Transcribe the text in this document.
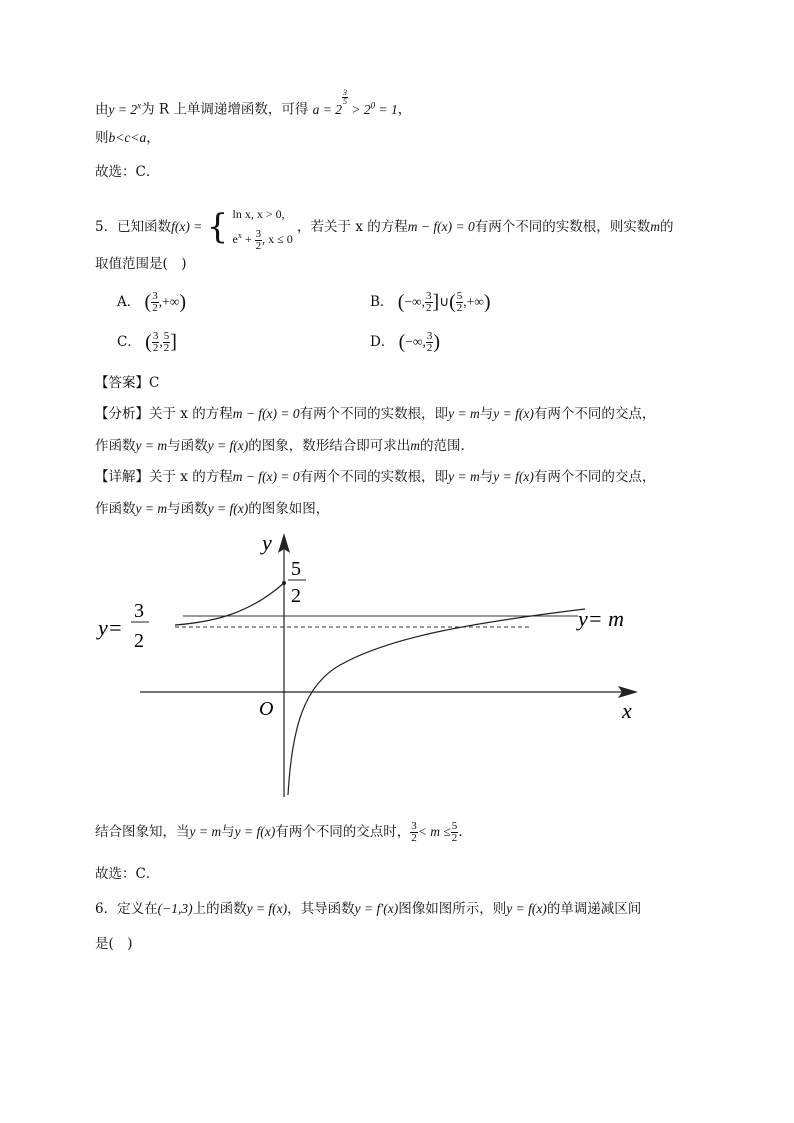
由$y = 2^x$为 R 上单调递增函数，可得 a = 2
$^{\frac{3}{5}}$
> $2^0 = 1$，
则b<c<a，
故选：C．
5．已知函数f(x) = { ln x, x > 0,
$e^x + \frac{3}{2}$ , x ≤ 0
，若关于 x 的方程m − f(x) = 0有两个不同的实数根，则实数m的
取值范围是(　)
A． ( $\frac{3}{2}$ ,+∞)	B． (−∞, $\frac{3}{2}$ ]∪( $\frac{5}{2}$ ,+∞)
C． ( $\frac{3}{2}$ , $\frac{5}{2}$ ]	D． (−∞, $\frac{3}{2}$ )
【答案】C
【分析】关于 x 的方程m − f(x) = 0有两个不同的实数根，即y = m与y = f(x)有两个不同的交点，
作函数y = m与函数y = f(x)的图象，数形结合即可求出m的范围.
【详解】关于 x 的方程m − f(x) = 0有两个不同的实数根，即y = m与y = f(x)有两个不同的交点，
作函数y = m与函数y = f(x)的图象如图，
y
x
O
5
2
y=
3
2
y= m
结合图象知，当y = m与y = f(x)有两个不同的交点时， $\frac{3}{2} < m \le \frac{5}{2}$ .
故选：C．
6．定义在(−1,3)上的函数y = f(x)，其导函数y = f′(x)图像如图所示，则y = f(x)的单调递减区间
是(　)
